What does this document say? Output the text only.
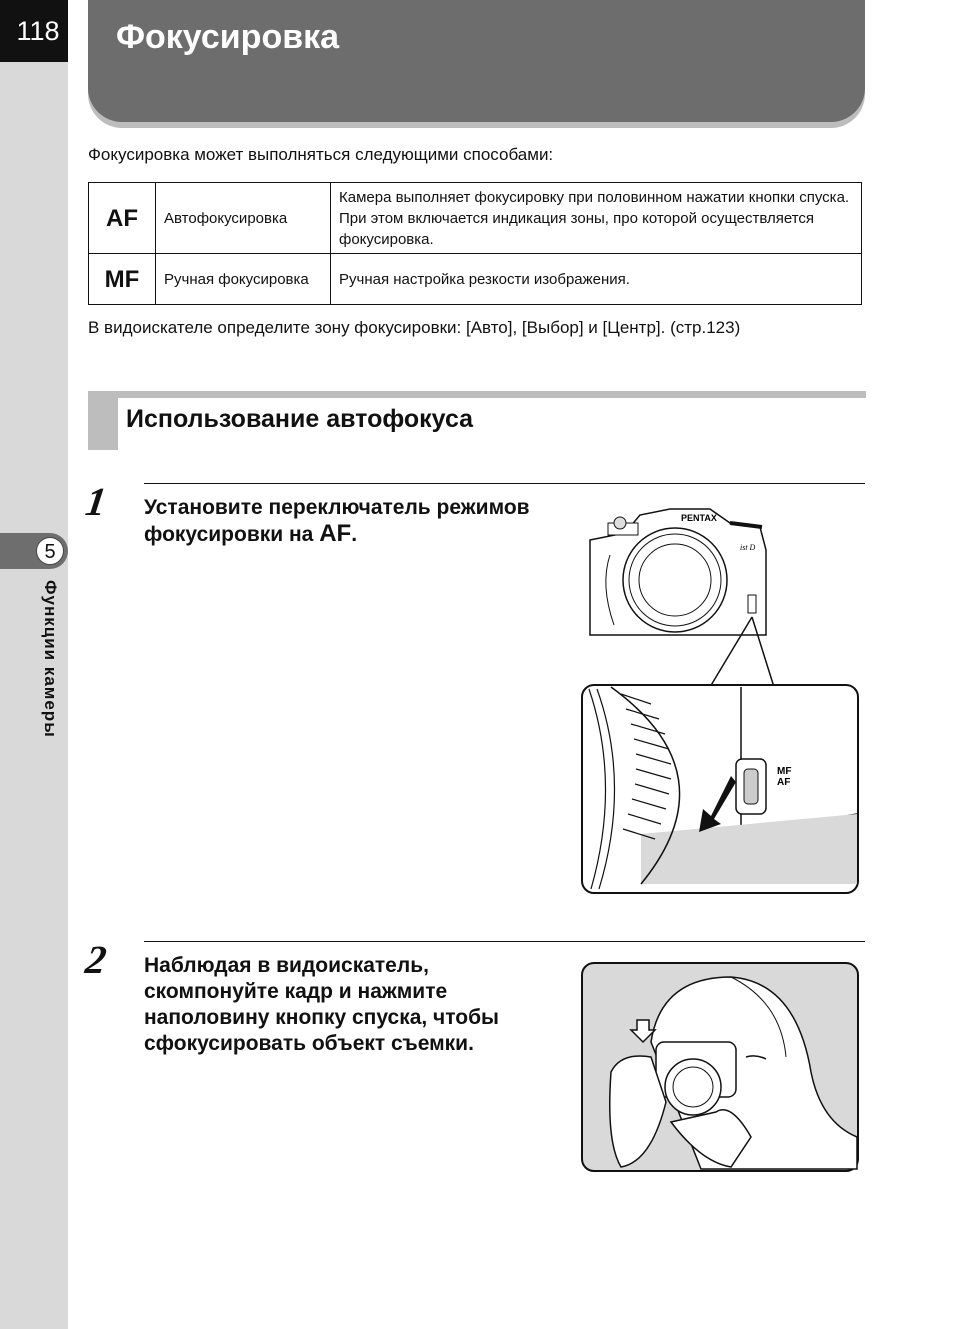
118
5
Функции камеры
Фокусировка
Фокусировка может выполняться следующими способами:
AF	Автофокусировка	Камера выполняет фокусировку при половинном нажатии кнопки спуска. При этом включается индикация зоны, про которой осуществляется фокусировка.
MF	Ручная фокусировка	Ручная настройка резкости изображения.
В видоискателе определите зону фокусировки: [Авто], [Выбор] и [Центр]. (стр.123)
Использование автофокуса
1 Установите переключатель режимов фокусировки на AF.
PENTAX
ist D
MF
AF
2 Наблюдая в видоискатель, скомпонуйте кадр и нажмите наполовину кнопку спуска, чтобы сфокусировать объект съемки.
